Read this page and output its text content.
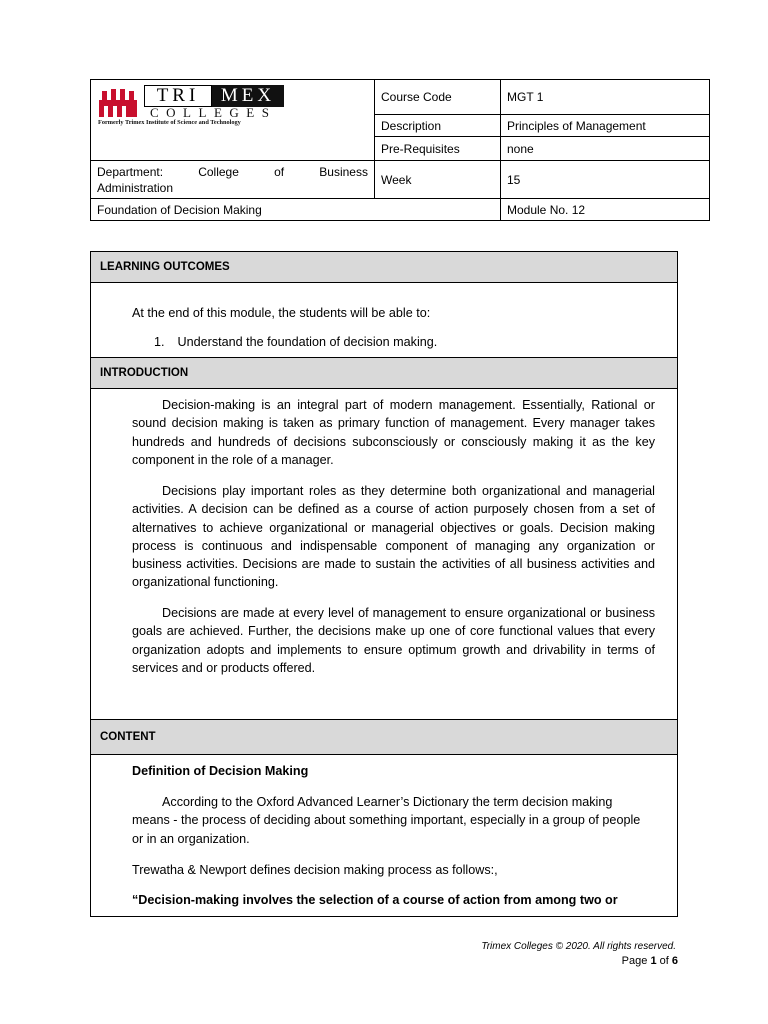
TRI MEX
COLLEGES
Formerly Trimex Institute of Science and Technology	Course Code	MGT 1
	Description	Principles of Management
	Pre-Requisites	none

Department: College of Business
Administration	Week	15
Foundation of Decision Making		Module No. 12
LEARNING OUTCOMES
At the end of this module, the students will be able to:
1. Understand the foundation of decision making.
INTRODUCTION
Decision-making is an integral part of modern management. Essentially, Rational or sound decision making is taken as primary function of management. Every manager takes hundreds and hundreds of decisions subconsciously or consciously making it as the key component in the role of a manager.
Decisions play important roles as they determine both organizational and managerial activities. A decision can be defined as a course of action purposely chosen from a set of alternatives to achieve organizational or managerial objectives or goals. Decision making process is continuous and indispensable component of managing any organization or business activities. Decisions are made to sustain the activities of all business activities and organizational functioning.
Decisions are made at every level of management to ensure organizational or business goals are achieved. Further, the decisions make up one of core functional values that every organization adopts and implements to ensure optimum growth and drivability in terms of services and or products offered.
CONTENT
Definition of Decision Making
According to the Oxford Advanced Learner’s Dictionary the term decision making means - the process of deciding about something important, especially in a group of people or in an organization.
Trewatha & Newport defines decision making process as follows:,
“Decision-making involves the selection of a course of action from among two or
Trimex Colleges © 2020. All rights reserved.
Page 1 of 6
